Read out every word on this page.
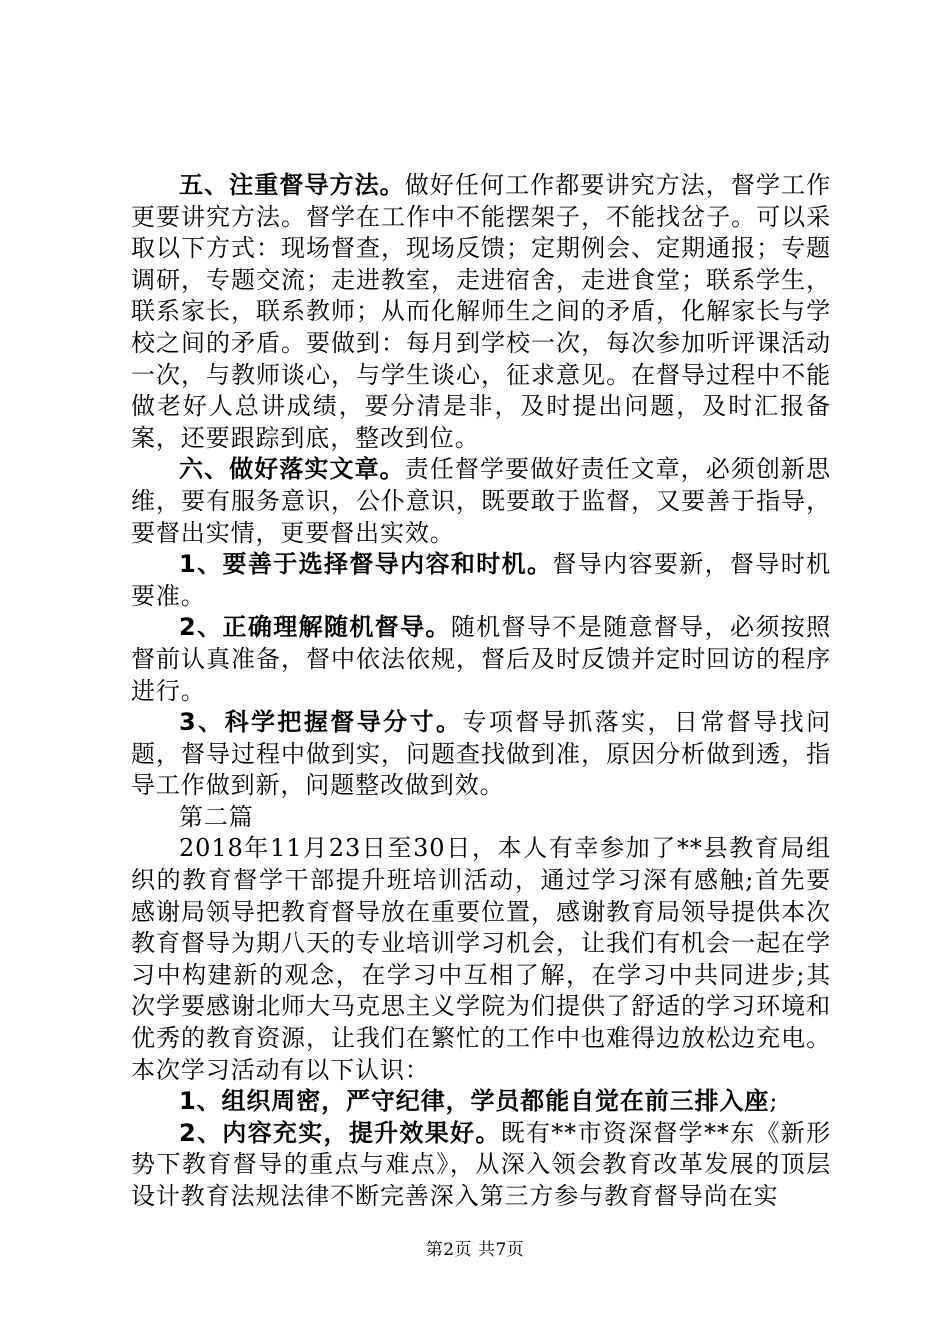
五、注重督导方法。做好任何工作都要讲究方法，督学工作更要讲究方法。督学在工作中不能摆架子，不能找岔子。可以采取以下方式：现场督查，现场反馈；定期例会、定期通报；专题调研，专题交流；走进教室，走进宿舍，走进食堂；联系学生，联系家长，联系教师；从而化解师生之间的矛盾，化解家长与学校之间的矛盾。要做到：每月到学校一次，每次参加听评课活动一次，与教师谈心，与学生谈心，征求意见。在督导过程中不能做老好人总讲成绩，要分清是非，及时提出问题，及时汇报备案，还要跟踪到底，整改到位。

六、做好落实文章。责任督学要做好责任文章，必须创新思维，要有服务意识，公仆意识，既要敢于监督，又要善于指导，要督出实情，更要督出实效。

1、要善于选择督导内容和时机。督导内容要新，督导时机要准。

2、正确理解随机督导。随机督导不是随意督导，必须按照督前认真准备，督中依法依规，督后及时反馈并定时回访的程序进行。

3、科学把握督导分寸。专项督导抓落实，日常督导找问题，督导过程中做到实，问题查找做到准，原因分析做到透，指导工作做到新，问题整改做到效。

第二篇

2018年11月23日至30日，本人有幸参加了**县教育局组织的教育督学干部提升班培训活动，通过学习深有感触;首先要感谢局领导把教育督导放在重要位置，感谢教育局领导提供本次教育督导为期八天的专业培训学习机会，让我们有机会一起在学习中构建新的观念，在学习中互相了解，在学习中共同进步;其次学要感谢北师大马克思主义学院为们提供了舒适的学习环境和优秀的教育资源，让我们在繁忙的工作中也难得边放松边充电。本次学习活动有以下认识：

1、组织周密，严守纪律，学员都能自觉在前三排入座;

2、内容充实，提升效果好。既有**市资深督学**东《新形势下教育督导的重点与难点》，从深入领会教育改革发展的顶层设计教育法规法律不断完善深入第三方参与教育督导尚在实

第2页 共7页
